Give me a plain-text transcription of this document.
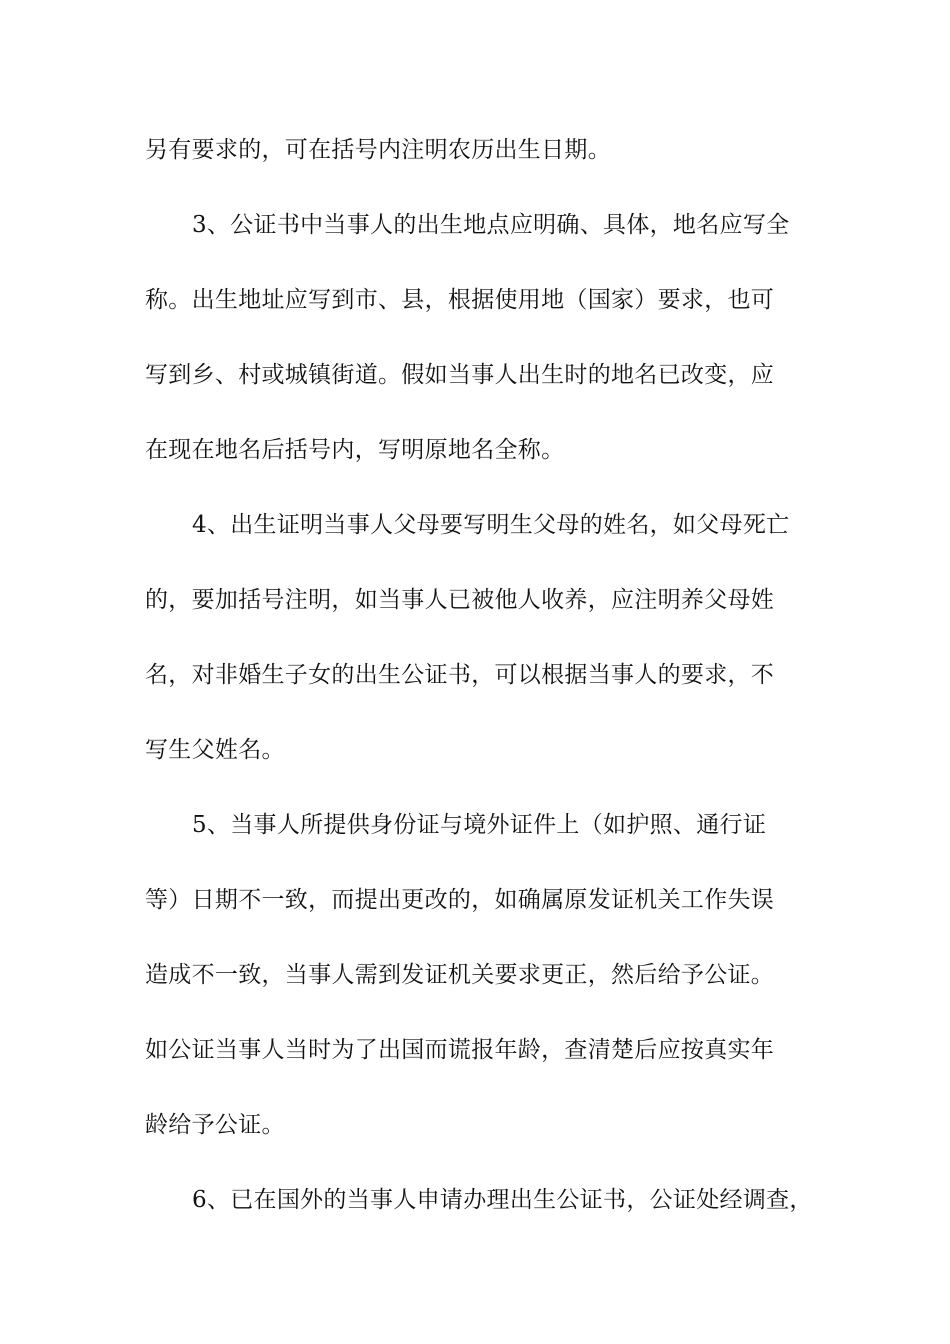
另有要求的，可在括号内注明农历出生日期。
3、公证书中当事人的出生地点应明确、具体，地名应写全
称。出生地址应写到市、县，根据使用地（国家）要求，也可
写到乡、村或城镇街道。假如当事人出生时的地名已改变，应
在现在地名后括号内，写明原地名全称。
4、出生证明当事人父母要写明生父母的姓名，如父母死亡
的，要加括号注明，如当事人已被他人收养，应注明养父母姓
名，对非婚生子女的出生公证书，可以根据当事人的要求，不
写生父姓名。
5、当事人所提供身份证与境外证件上（如护照、通行证
等）日期不一致，而提出更改的，如确属原发证机关工作失误
造成不一致，当事人需到发证机关要求更正，然后给予公证。
如公证当事人当时为了出国而谎报年龄，查清楚后应按真实年
龄给予公证。
6、已在国外的当事人申请办理出生公证书，公证处经调查，
